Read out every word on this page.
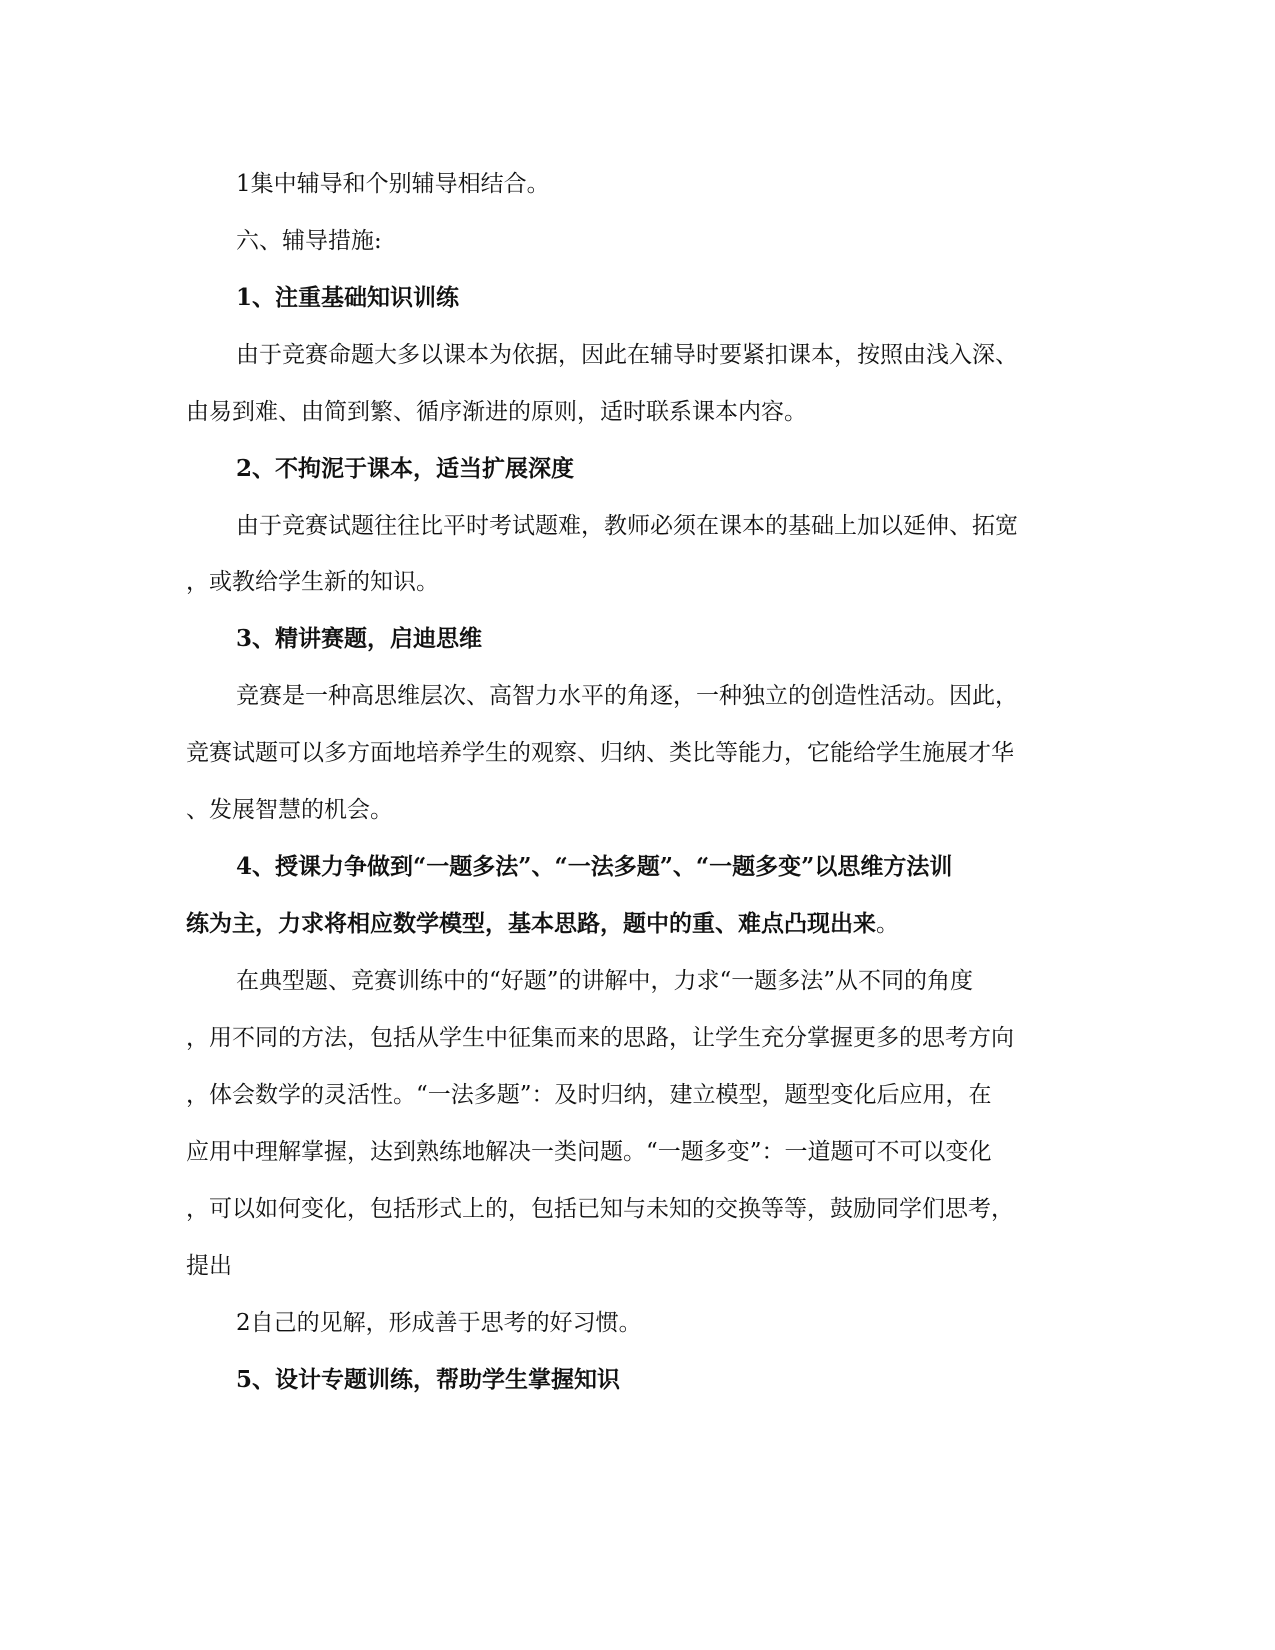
1集中辅导和个别辅导相结合。
六、辅导措施:
1、注重基础知识训练
由于竞赛命题大多以课本为依据，因此在辅导时要紧扣课本，按照由浅入深、
由易到难、由简到繁、循序渐进的原则，适时联系课本内容。
2、不拘泥于课本，适当扩展深度
由于竞赛试题往往比平时考试题难，教师必须在课本的基础上加以延伸、拓宽
，或教给学生新的知识。
3、精讲赛题，启迪思维
竞赛是一种高思维层次、高智力水平的角逐，一种独立的创造性活动。因此，
竞赛试题可以多方面地培养学生的观察、归纳、类比等能力，它能给学生施展才华
、发展智慧的机会。
4、授课力争做到“一题多法”、“一法多题”、“一题多变”以思维方法训
练为主，力求将相应数学模型，基本思路，题中的重、难点凸现出来。
在典型题、竞赛训练中的“好题”的讲解中，力求“一题多法”从不同的角度
，用不同的方法，包括从学生中征集而来的思路，让学生充分掌握更多的思考方向
，体会数学的灵活性。“一法多题”：及时归纳，建立模型，题型变化后应用，在
应用中理解掌握，达到熟练地解决一类问题。“一题多变”：一道题可不可以变化
，可以如何变化，包括形式上的，包括已知与未知的交换等等，鼓励同学们思考，
提出
2自己的见解，形成善于思考的好习惯。
5、设计专题训练，帮助学生掌握知识
